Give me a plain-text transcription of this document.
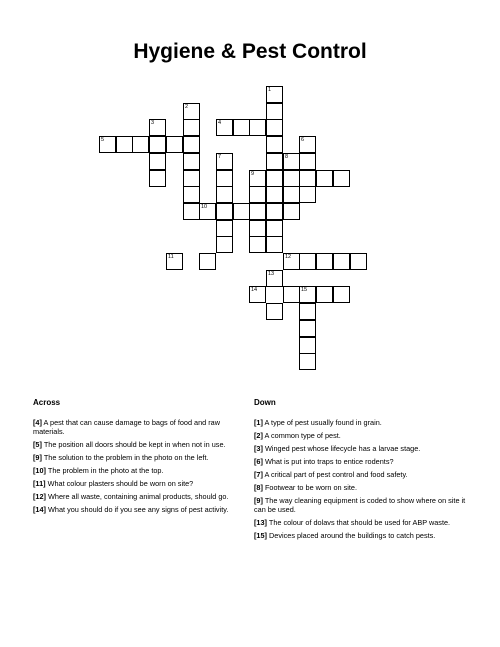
Hygiene & Pest Control
1
2
3	4
5	6
7	8
9
10
11	12
13
14	15
Across

[4] A pest that can cause damage to bags of food and raw materials.

[5] The position all doors should be kept in when not in use.

[9] The solution to the problem in the photo on the left.

[10] The problem in the photo at the top.

[11] What colour plasters should be worn on site?

[12] Where all waste, containing animal products, should go.

[14] What you should do if you see any signs of pest activity.

Down

[1] A type of pest usually found in grain.

[2] A common type of pest.

[3] Winged pest whose lifecycle has a larvae stage.

[6] What is put into traps to entice rodents?

[7] A critical part of pest control and food safety.

[8] Footwear to be worn on site.

[9] The way cleaning equipment is coded to show where on site it can be used.

[13] The colour of dolavs that should be used for ABP waste.

[15] Devices placed around the buildings to catch pests.
